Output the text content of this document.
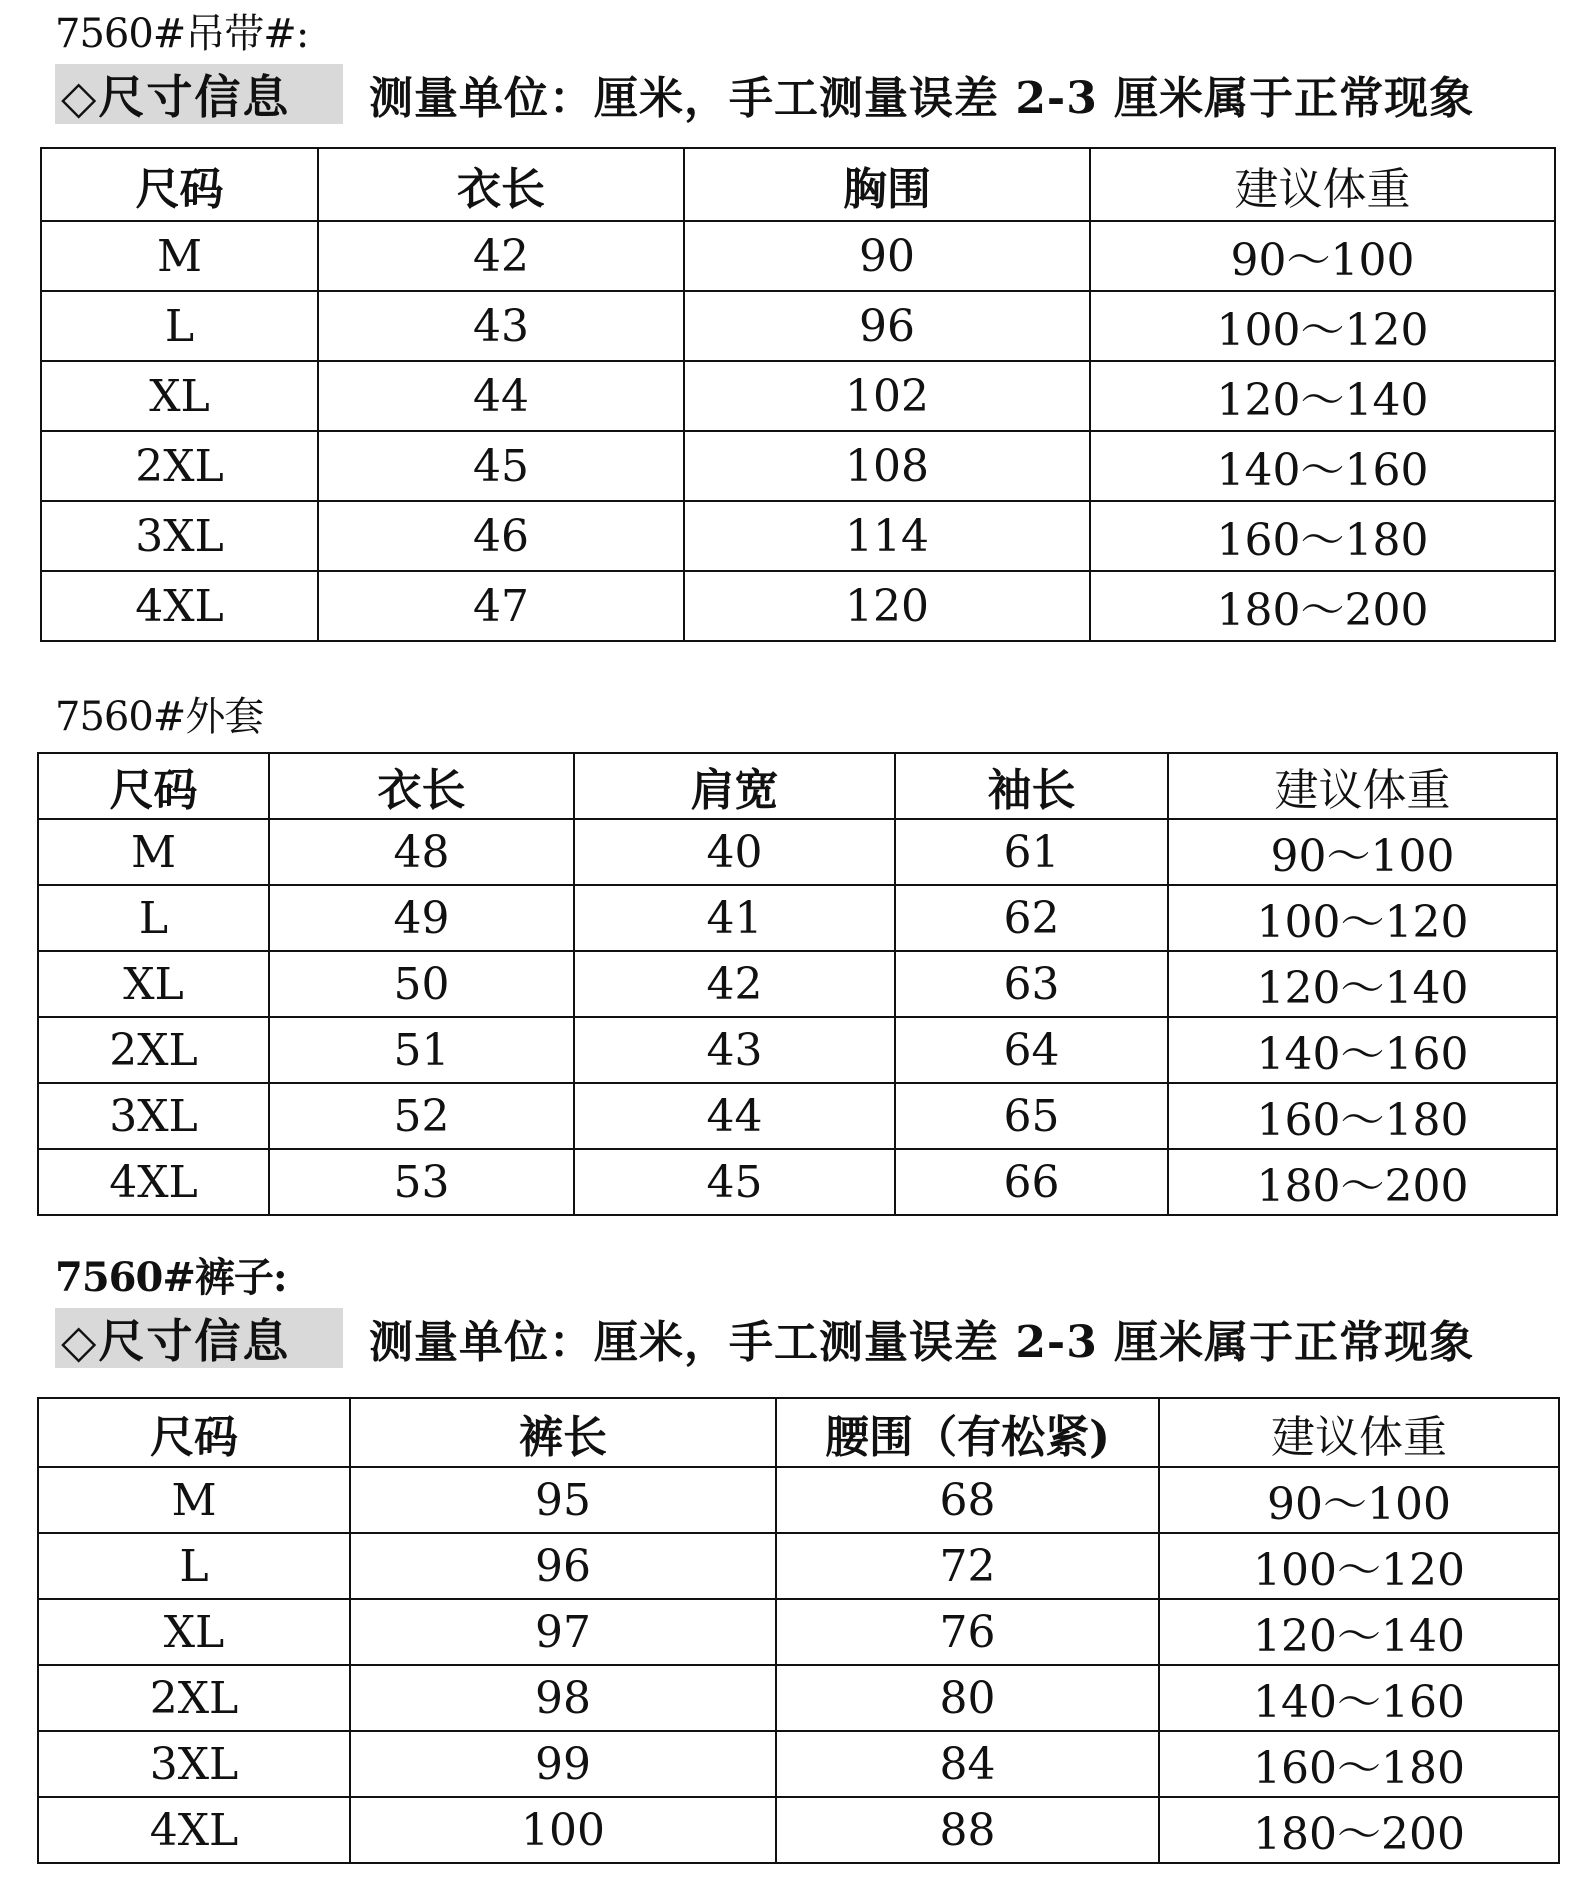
7560#吊带#:
◇尺寸信息	测量单位：厘米，手工测量误差 2-3 厘米属于正常现象
尺码	衣长	胸围	建议体重
M	42	90	90～100
L	43	96	100～120
XL	44	102	120～140
2XL	45	108	140～160
3XL	46	114	160～180
4XL	47	120	180～200
7560#外套
尺码	衣长	肩宽	袖长	建议体重
M	48	40	61	90～100
L	49	41	62	100～120
XL	50	42	63	120～140
2XL	51	43	64	140～160
3XL	52	44	65	160～180
4XL	53	45	66	180～200
7560#裤子:
◇尺寸信息	测量单位：厘米，手工测量误差 2-3 厘米属于正常现象
尺码	裤长	腰围（有松紧)	建议体重
M	95	68	90～100
L	96	72	100～120
XL	97	76	120～140
2XL	98	80	140～160
3XL	99	84	160～180
4XL	100	88	180～200
